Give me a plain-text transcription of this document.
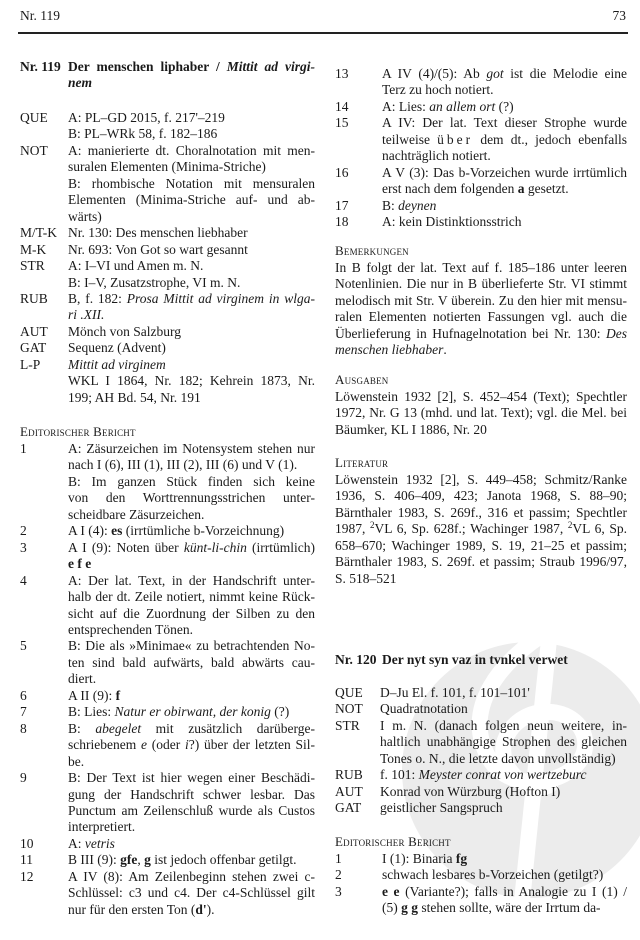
Nr. 119	73
Nr. 119 Der menschen liphaber / Mittit ad virgi-
nem
QUE A: PL–GD 2015, f. 217'–219
B: PL–WRk 58, f. 182–186
NOT A: manierierte dt. Choralnotation mit men-
suralen Elementen (Minima-Striche)
B: rhombische Notation mit mensuralen
Elementen (Minima-Striche auf- und ab-
wärts)
M/T-K Nr. 130: Des menschen liebhaber
M-K Nr. 693: Von Got so wart gesannt
STR A: I–VI und Amen m. N.
B: I–V, Zusatzstrophe, VI m. N.
RUB B, f. 182: Prosa Mittit ad virginem in wlga-
ri .XII.
AUT Mönch von Salzburg
GAT Sequenz (Advent)
L-P Mittit ad virginem
WKL I 1864, Nr. 182; Kehrein 1873, Nr.
199; AH Bd. 54, Nr. 191
Editorischer Bericht
1	A: Zäsurzeichen im Notensystem stehen nur
nach I (6), III (1), III (2), III (6) und V (1).
B: Im ganzen Stück finden sich keine
von den Worttrennungsstrichen unter-
scheidbare Zäsurzeichen.
2	A I (4): es (irrtümliche b-Vorzeichnung)
3	A I (9): Noten über künt-li-chin (irrtümlich)
e f e
4	A: Der lat. Text, in der Handschrift unter-
halb der dt. Zeile notiert, nimmt keine Rück-
sicht auf die Zuordnung der Silben zu den
entsprechenden Tönen.
5	B: Die als »Minimae« zu betrachtenden No-
ten sind bald aufwärts, bald abwärts cau-
diert.
6	A II (9): f
7	B: Lies: Natur er obirwant, der konig (?)
8	B: abegelet mit zusätzlich darüberge-
schriebenem e (oder i?) über der letzten Sil-
be.
9	B: Der Text ist hier wegen einer Beschädi-
gung der Handschrift schwer lesbar. Das
Punctum am Zeilenschluß wurde als Custos
interpretiert.
10	A: vetris
11	B III (9): gfe, g ist jedoch offenbar getilgt.
12	A IV (8): Am Zeilenbeginn stehen zwei c-
Schlüssel: c3 und c4. Der c4-Schlüssel gilt
nur für den ersten Ton (d').
13 A IV (4)/(5): Ab got ist die Melodie eine
Terz zu hoch notiert.
14 A: Lies: an allem ort (?)
15 A IV: Der lat. Text dieser Strophe wurde
teilweise über dem dt., jedoch ebenfalls
nachträglich notiert.
16 A V (3): Das b-Vorzeichen wurde irrtümlich
erst nach dem folgenden a gesetzt.
17 B: deynen
18 A: kein Distinktionsstrich
Bemerkungen
In B folgt der lat. Text auf f. 185–186 unter leeren
Notenlinien. Die nur in B überlieferte Str. VI stimmt
melodisch mit Str. V überein. Zu den hier mit mensu-
ralen Elementen notierten Fassungen vgl. auch die
Überlieferung in Hufnagelnotation bei Nr. 130: Des
menschen liebhaber.
Ausgaben
Löwenstein 1932 [2], S. 452–454 (Text); Spechtler
1972, Nr. G 13 (mhd. und lat. Text); vgl. die Mel. bei
Bäumker, KL I 1886, Nr. 20
Literatur
Löwenstein 1932 [2], S. 449–458; Schmitz/Ranke
1936, S. 406–409, 423; Janota 1968, S. 88–90;
Bärnthaler 1983, S. 269f., 316 et passim; Spechtler
1987, $^2$VL 6, Sp. 628f.; Wachinger 1987, $^2$VL 6, Sp.
658–670; Wachinger 1989, S. 19, 21–25 et passim;
Bärnthaler 1983, S. 269f. et passim; Straub 1996/97,
S. 518–521
Nr. 120 Der nyt syn vaz in tvnkel verwet
QUE D–Ju El. f. 101, f. 101–101'
NOT Quadratnotation
STR I m. N. (danach folgen neun weitere, in-
haltlich unabhängige Strophen des gleichen
Tones o. N., die letzte davon unvollständig)
RUB f. 101: Meyster conrat von wertzeburc
AUT Konrad von Würzburg (Hofton I)
GAT geistlicher Sangspruch
Editorischer Bericht
1	I (1): Binaria fg
2	schwach lesbares b-Vorzeichen (getilgt?)
3	e e (Variante?); falls in Analogie zu I (1) /
(5) g g stehen sollte, wäre der Irrtum da-
